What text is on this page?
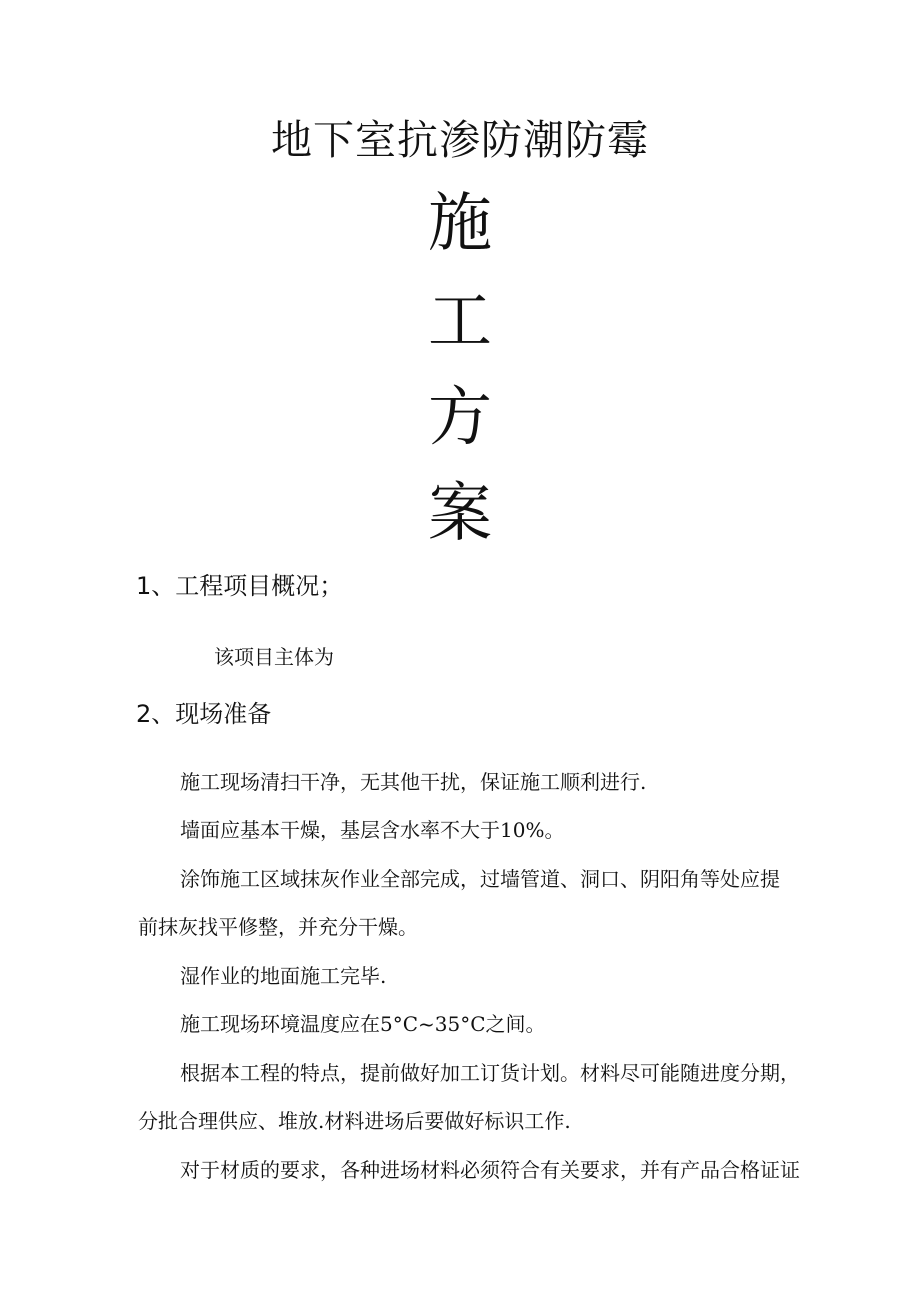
地下室抗渗防潮防霉
施
工
方
案
1、工程项目概况；
该项目主体为
2、现场准备
施工现场清扫干净，无其他干扰，保证施工顺利进行.
墙面应基本干燥，基层含水率不大于10%。
涂饰施工区域抹灰作业全部完成，过墙管道、洞口、阴阳角等处应提
前抹灰找平修整，并充分干燥。
湿作业的地面施工完毕.
施工现场环境温度应在5°C~35°C之间。
根据本工程的特点，提前做好加工订货计划。材料尽可能随进度分期，
分批合理供应、堆放.材料进场后要做好标识工作.
对于材质的要求，各种进场材料必须符合有关要求，并有产品合格证证
